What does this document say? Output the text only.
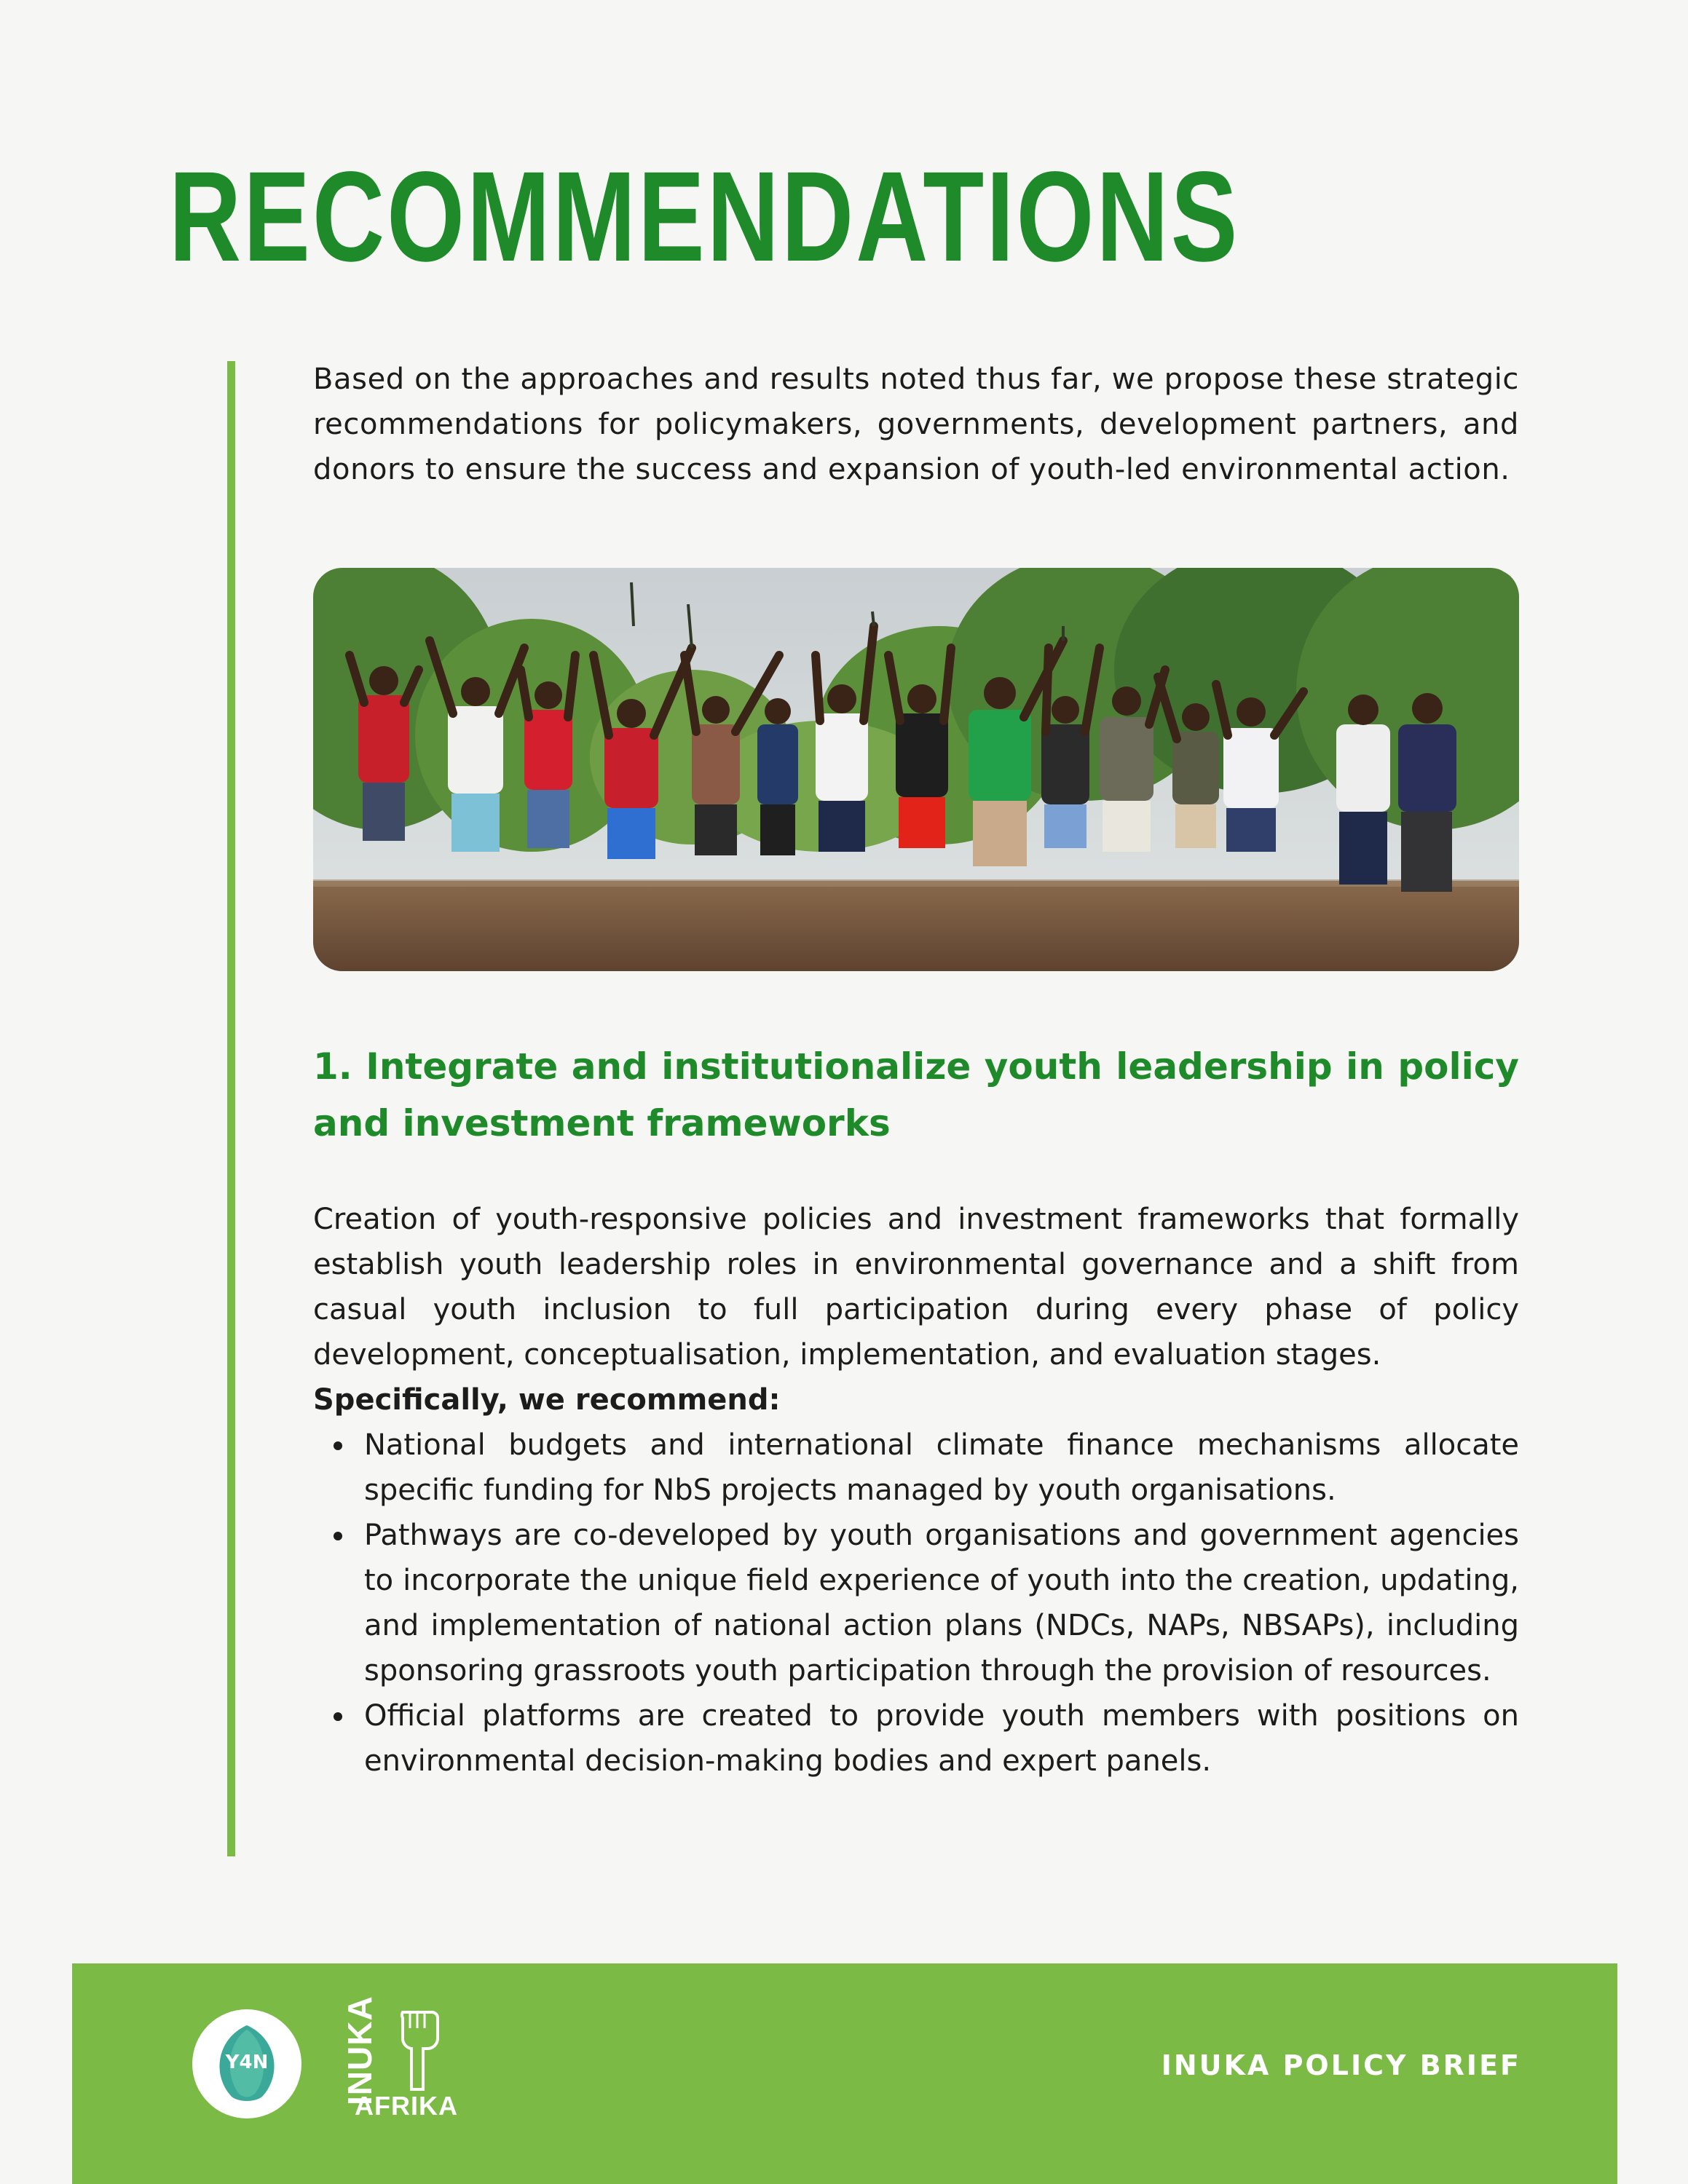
RECOMMENDATIONS

Based on the approaches and results noted thus far, we propose these strategic recommendations for policymakers, governments, development partners, and donors to ensure the success and expansion of youth-led environmental action.

1. Integrate and institutionalize youth leadership in policy and investment frameworks

Creation of youth-responsive policies and investment frameworks that formally establish youth leadership roles in environmental governance and a shift from casual youth inclusion to full participation during every phase of policy development, conceptualisation, implementation, and evaluation stages.
Specifically, we recommend:

National budgets and international climate finance mechanisms allocate specific funding for NbS projects managed by youth organisations.
Pathways are co-developed by youth organisations and government agencies to incorporate the unique field experience of youth into the creation, updating, and implementation of national action plans (NDCs, NAPs, NBSAPs), including sponsoring grassroots youth participation through the provision of resources.
Official platforms are created to provide youth members with positions on environmental decision-making bodies and expert panels.
Y4N	INUKA
AFRIKA
INUKA POLICY BRIEF
